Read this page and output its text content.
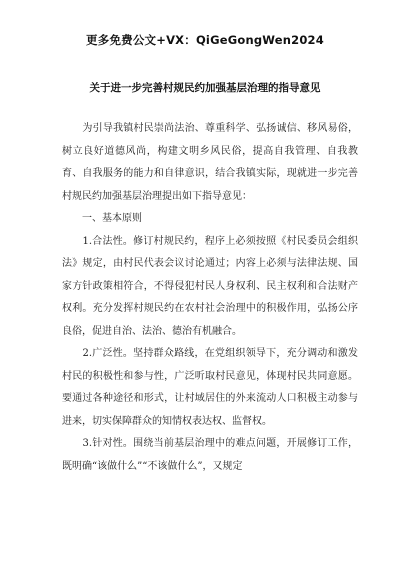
更多免费公文+VX：QiGeGongWen2024
关于进一步完善村规民约加强基层治理的指导意见

　　为引导我镇村民崇尚法治、尊重科学、弘扬诚信、移风易俗，树立良好道德风尚，构建文明乡风民俗，提高自我管理、自我教育、自我服务的能力和自律意识，结合我镇实际，现就进一步完善村规民约加强基层治理提出如下指导意见：

　　一、基本原则

　　1.合法性。修订村规民约，程序上必须按照《村民委员会组织法》规定，由村民代表会议讨论通过；内容上必须与法律法规、国家方针政策相符合，不得侵犯村民人身权利、民主权利和合法财产权利。充分发挥村规民约在农村社会治理中的积极作用，弘扬公序良俗，促进自治、法治、德治有机融合。

　　2.广泛性。坚持群众路线，在党组织领导下，充分调动和激发村民的积极性和参与性，广泛听取村民意见，体现村民共同意愿。要通过各种途径和形式，让村域居住的外来流动人口积极主动参与进来，切实保障群众的知情权表达权、监督权。

　　3.针对性。围绕当前基层治理中的难点问题，开展修订工作，既明确“该做什么”“不该做什么”，又规定
